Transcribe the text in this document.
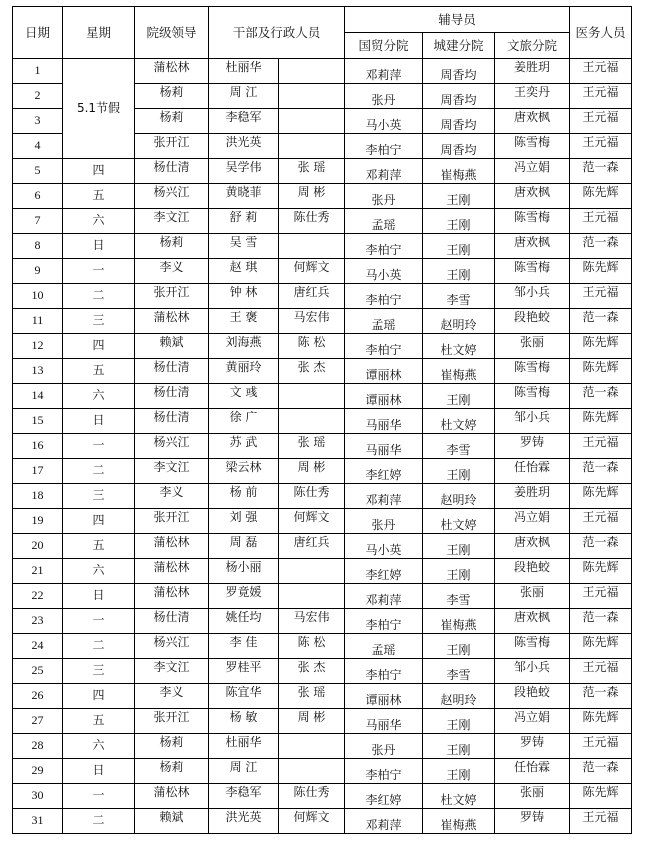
日期	星期	院级领导	干部及行政人员		辅导员			医务人员
					国贸分院	城建分院	文旅分院	
1	5.1节假	蒲松林	杜丽华		邓莉萍	周香均	姜胜玥	王元福
2		杨莉	周 江		张丹	周香均	王奕丹	王元福
3		杨莉	李稳军		马小英	周香均	唐欢枫	王元福
4		张开江	洪光英		李柏宁	周香均	陈雪梅	王元福
5	四	杨仕清	吴学伟	张 瑶	邓莉萍	崔梅燕	冯立娟	范一森
6	五	杨兴江	黄晓菲	周 彬	张丹	王刚	唐欢枫	陈先辉
7	六	李文江	舒 莉	陈仕秀	孟瑶	王刚	陈雪梅	王元福
8	日	杨莉	吴 雪		李柏宁	王刚	唐欢枫	范一森
9	一	李义	赵 琪	何辉文	马小英	王刚	陈雪梅	陈先辉
10	二	张开江	钟 林	唐红兵	李柏宁	李雪	邹小兵	王元福
11	三	蒲松林	王 褒	马宏伟	孟瑶	赵明玲	段艳蛟	范一森
12	四	赖斌	刘海燕	陈 松	李柏宁	杜文婷	张丽	陈先辉
13	五	杨仕清	黄丽玲	张 杰	谭丽林	崔梅燕	陈雪梅	陈先辉
14	六	杨仕清	文 彧		谭丽林	王刚	陈雪梅	范一森
15	日	杨仕清	徐 广		马丽华	杜文婷	邹小兵	陈先辉
16	一	杨兴江	苏 武	张 瑶	马丽华	李雪	罗铸	王元福
17	二	李文江	梁云林	周 彬	李红婷	王刚	任怡霖	范一森
18	三	李义	杨 前	陈仕秀	邓莉萍	赵明玲	姜胜玥	陈先辉
19	四	张开江	刘 强	何辉文	张丹	杜文婷	冯立娟	王元福
20	五	蒲松林	周 磊	唐红兵	马小英	王刚	唐欢枫	范一森
21	六	蒲松林	杨小丽		李红婷	王刚	段艳蛟	陈先辉
22	日	蒲松林	罗竟媛		邓莉萍	李雪	张丽	王元福
23	一	杨仕清	姚任均	马宏伟	李柏宁	崔梅燕	唐欢枫	范一森
24	二	杨兴江	李 佳	陈 松	孟瑶	王刚	陈雪梅	陈先辉
25	三	李文江	罗桂平	张 杰	李柏宁	李雪	邹小兵	王元福
26	四	李义	陈宜华	张 瑶	谭丽林	赵明玲	段艳蛟	范一森
27	五	张开江	杨 敏	周 彬	马丽华	王刚	冯立娟	陈先辉
28	六	杨莉	杜丽华		张丹	王刚	罗铸	王元福
29	日	杨莉	周 江		李柏宁	王刚	任怡霖	范一森
30	一	蒲松林	李稳军	陈仕秀	李红婷	杜文婷	张丽	陈先辉
31	二	赖斌	洪光英	何辉文	邓莉萍	崔梅燕	罗铸	王元福
